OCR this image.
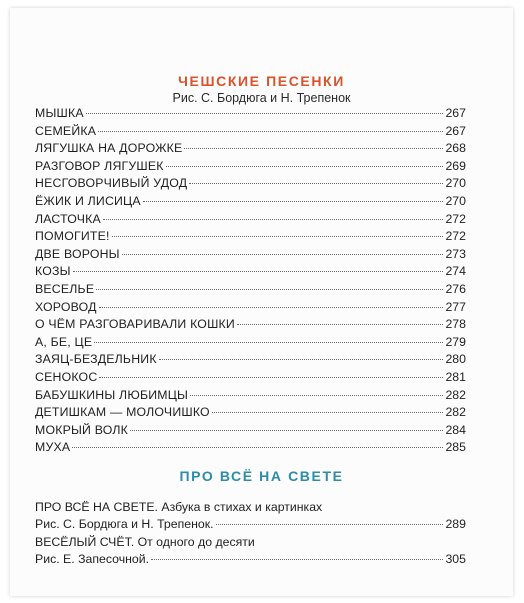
ЧЕШСКИЕ ПЕСЕНКИ
Рис. С. Бордюга и Н. Трепенок
МЫШКА	267
СЕМЕЙКА	267
ЛЯГУШКА НА ДОРОЖКЕ	268
РАЗГОВОР ЛЯГУШЕК	269
НЕСГОВОРЧИВЫЙ УДОД	270
ЁЖИК И ЛИСИЦА	270
ЛАСТОЧКА	272
ПОМОГИТЕ!	272
ДВЕ ВОРОНЫ	273
КОЗЫ	274
ВЕСЕЛЬЕ	276
ХОРОВОД	277
О ЧЁМ РАЗГОВАРИВАЛИ КОШКИ	278
А, БЕ, ЦЕ	279
ЗАЯЦ-БЕЗДЕЛЬНИК	280
СЕНОКОС	281
БАБУШКИНЫ ЛЮБИМЦЫ	282
ДЕТИШКАМ — МОЛОЧИШКО	282
МОКРЫЙ ВОЛК	284
МУХА	285
ПРО ВСЁ НА СВЕТЕ
ПРО ВСЁ НА СВЕТЕ. Азбука в стихах и картинках
Рис. С. Бордюга и Н. Трепенок.	289
ВЕСЁЛЫЙ СЧЁТ. От одного до десяти
Рис. Е. Запесочной.	305
